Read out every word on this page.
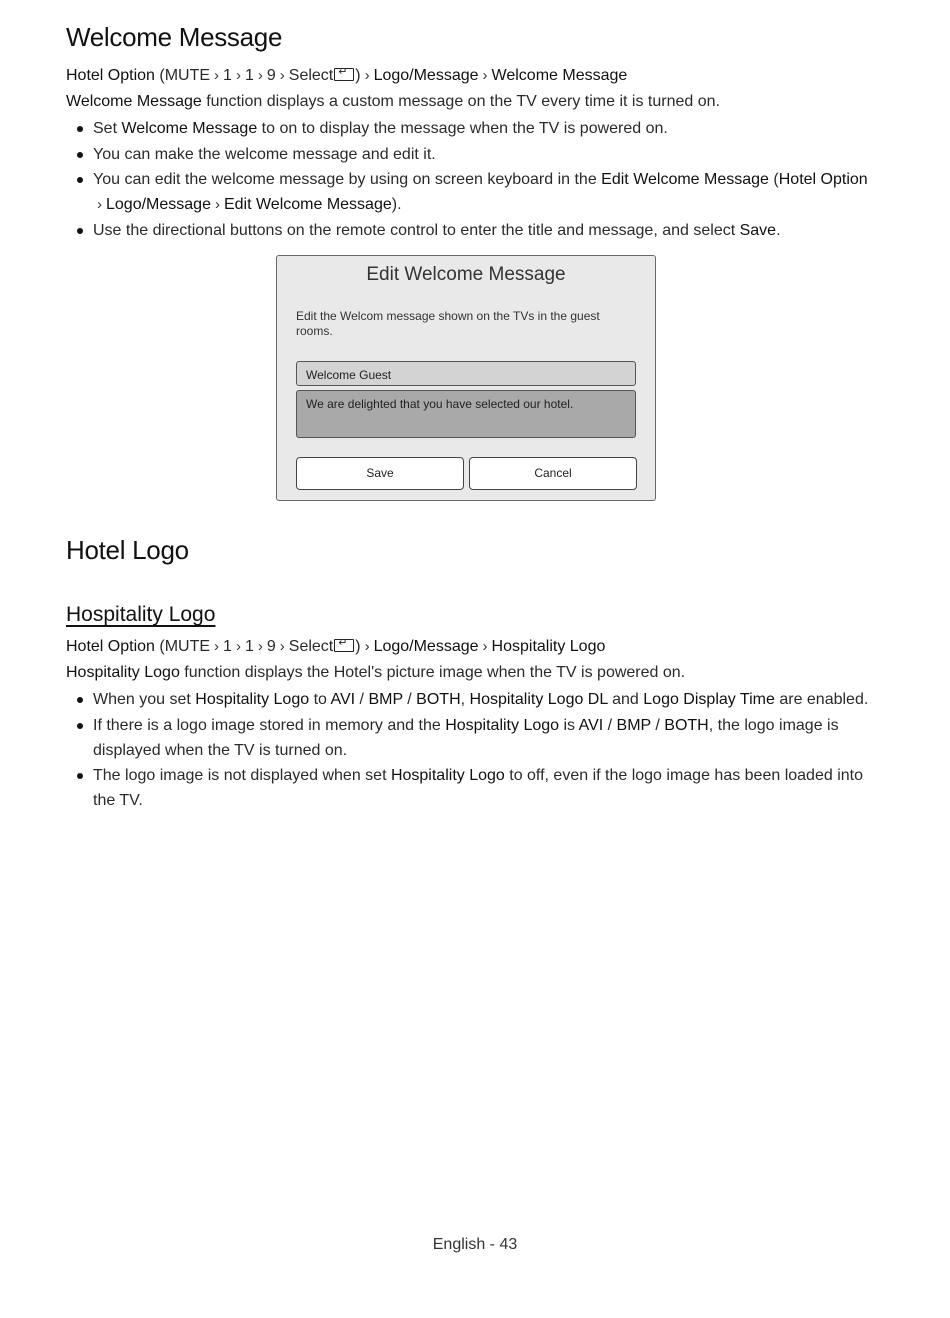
Welcome Message
Hotel Option (MUTE › 1 › 1 › 9 › Select ↵ ) › Logo/Message › Welcome Message
Welcome Message function displays a custom message on the TV every time it is turned on.
Set Welcome Message to on to display the message when the TV is powered on.
You can make the welcome message and edit it.
You can edit the welcome message by using on screen keyboard in the Edit Welcome Message (Hotel Option› Logo/Message › Edit Welcome Message).
Use the directional buttons on the remote control to enter the title and message, and select Save.
Edit Welcome Message
Edit the Welcom message shown on the TVs in the guest rooms.
Welcome Guest
We are delighted that you have selected our hotel.
Save	Cancel
Hotel Logo
Hospitality Logo
Hotel Option (MUTE › 1 › 1 › 9 › Select ↵ ) › Logo/Message › Hospitality Logo
Hospitality Logo function displays the Hotel's picture image when the TV is powered on.
When you set Hospitality Logo to AVI / BMP / BOTH, Hospitality Logo DL and Logo Display Time are enabled.
If there is a logo image stored in memory and the Hospitality Logo is AVI / BMP / BOTH, the logo image is displayed when the TV is turned on.
The logo image is not displayed when set Hospitality Logo to off, even if the logo image has been loaded into the TV.
English - 43
